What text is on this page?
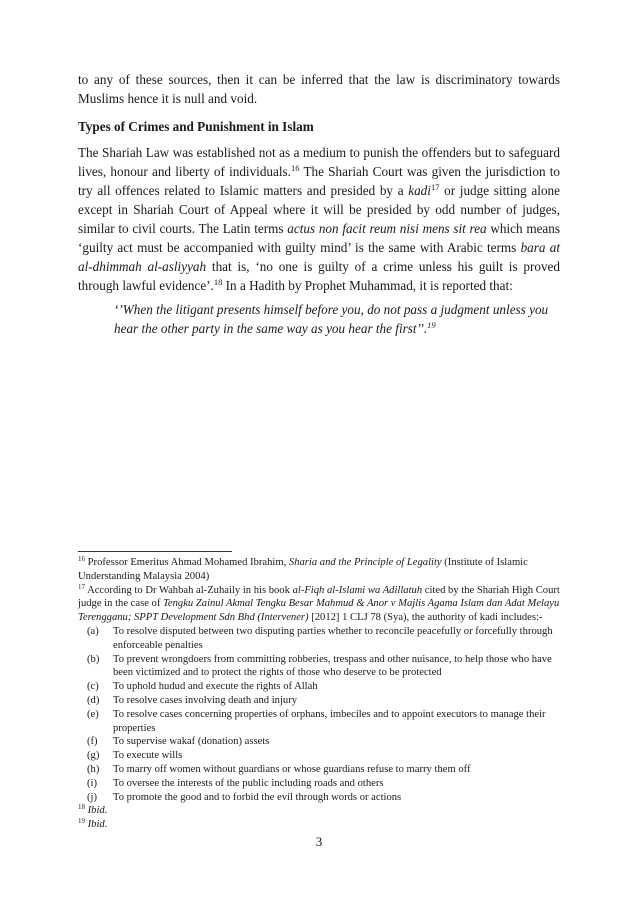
to any of these sources, then it can be inferred that the law is discriminatory towards Muslims hence it is null and void.

Types of Crimes and Punishment in Islam

The Shariah Law was established not as a medium to punish the offenders but to safeguard lives, honour and liberty of individuals.$^{16}$ The Shariah Court was given the jurisdiction to try all offences related to Islamic matters and presided by a kadi$^{17}$ or judge sitting alone except in Shariah Court of Appeal where it will be presided by odd number of judges, similar to civil courts. The Latin terms actus non facit reum nisi mens sit rea which means ‘guilty act must be accompanied with guilty mind’ is the same with Arabic terms bara at al-dhimmah al-asliyyah that is, ‘no one is guilty of a crime unless his guilt is proved through lawful evidence’.$^{18}$ In a Hadith by Prophet Muhammad, it is reported that:

‘’When the litigant presents himself before you, do not pass a judgment unless you hear the other party in the same way as you hear the first’’.$^{19}$

$^{16}$ Professor Emeritus Ahmad Mohamed Ibrahim, Sharia and the Principle of Legality (Institute of Islamic Understanding Malaysia 2004)

$^{17}$ According to Dr Wahbah al-Zuhaily in his book al-Fiqh al-Islami wa Adillatuh cited by the Shariah High Court judge in the case of Tengku Zainul Akmal Tengku Besar Mahmud & Anor v Majlis Agama Islam dan Adat Melayu Terengganu; SPPT Development Sdn Bhd (Intervener) [2012] 1 CLJ 78 (Sya), the authority of kadi includes:-

(a) To resolve disputed between two disputing parties whether to reconcile peacefully or forcefully through enforceable penalties
(b) To prevent wrongdoers from committing robberies, trespass and other nuisance, to help those who have been victimized and to protect the rights of those who deserve to be protected
(c) To uphold hudud and execute the rights of Allah
(d) To resolve cases involving death and injury
(e) To resolve cases concerning properties of orphans, imbeciles and to appoint executors to manage their properties
(f) To supervise wakaf (donation) assets
(g) To execute wills
(h) To marry off women without guardians or whose guardians refuse to marry them off
(i) To oversee the interests of the public including roads and others
(j) To promote the good and to forbid the evil through words or actions

$^{18}$ Ibid.

$^{19}$ Ibid.

3
